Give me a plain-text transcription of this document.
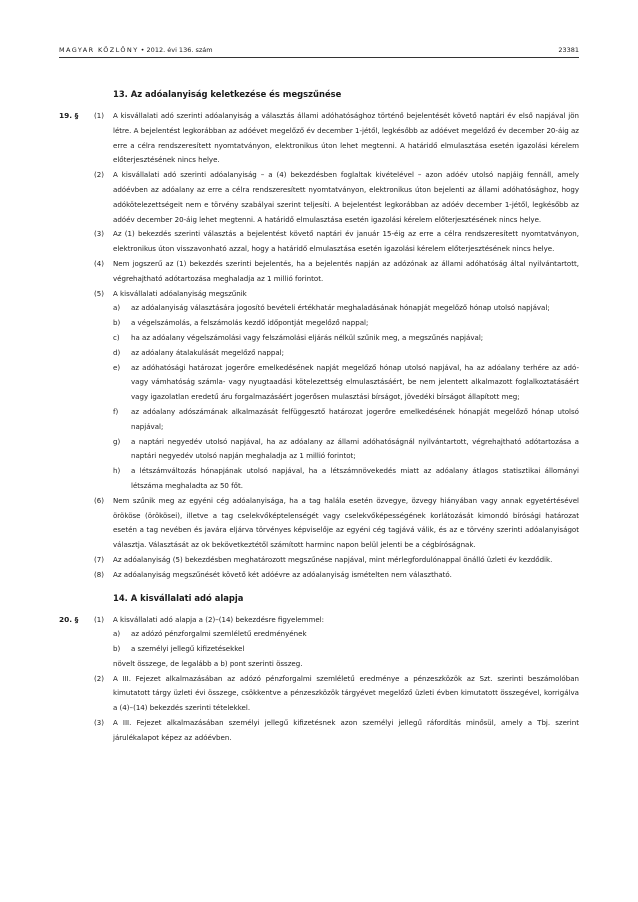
MAGYAR KÖZLÖNY • 2012. évi 136. szám	23381
13. Az adóalanyiság keletkezése és megszűnése
19. § (1) A kisvállalati adó szerinti adóalanyiság a választás állami adóhatósághoz történő bejelentését követő naptári év első napjával jön létre. A bejelentést legkorábban az adóévet megelőző év december 1-jétől, legkésőbb az adóévet megelőző év december 20-áig az erre a célra rendszeresített nyomtatványon, elektronikus úton lehet megtenni. A határidő elmulasztása esetén igazolási kérelem előterjesztésének nincs helye.
(2) A kisvállalati adó szerinti adóalanyiság – a (4) bekezdésben foglaltak kivételével – azon adóév utolsó napjáig fennáll, amely adóévben az adóalany az erre a célra rendszeresített nyomtatványon, elektronikus úton bejelenti az állami adóhatósághoz, hogy adókötelezettségeit nem e törvény szabályai szerint teljesíti. A bejelentést legkorábban az adóév december 1-jétől, legkésőbb az adóév december 20-áig lehet megtenni. A határidő elmulasztása esetén igazolási kérelem előterjesztésének nincs helye.
(3) Az (1) bekezdés szerinti választás a bejelentést követő naptári év január 15-éig az erre a célra rendszeresített nyomtatványon, elektronikus úton visszavonható azzal, hogy a határidő elmulasztása esetén igazolási kérelem előterjesztésének nincs helye.
(4) Nem jogszerű az (1) bekezdés szerinti bejelentés, ha a bejelentés napján az adózónak az állami adóhatóság által nyilvántartott, végrehajtható adótartozása meghaladja az 1 millió forintot.
(5) A kisvállalati adóalanyiság megszűnik
a) az adóalanyiság választására jogosító bevételi értékhatár meghaladásának hónapját megelőző hónap utolsó napjával;
b) a végelszámolás, a felszámolás kezdő időpontját megelőző nappal;
c) ha az adóalany végelszámolási vagy felszámolási eljárás nélkül szűnik meg, a megszűnés napjával;
d) az adóalany átalakulását megelőző nappal;
e) az adóhatósági határozat jogerőre emelkedésének napját megelőző hónap utolsó napjával, ha az adóalany terhére az adó- vagy vámhatóság számla- vagy nyugtaadási kötelezettség elmulasztásáért, be nem jelentett alkalmazott foglalkoztatásáért vagy igazolatlan eredetű áru forgalmazásáért jogerősen mulasztási bírságot, jövedéki bírságot állapított meg;
f) az adóalany adószámának alkalmazását felfüggesztő határozat jogerőre emelkedésének hónapját megelőző hónap utolsó napjával;
g) a naptári negyedév utolsó napjával, ha az adóalany az állami adóhatóságnál nyilvántartott, végrehajtható adótartozása a naptári negyedév utolsó napján meghaladja az 1 millió forintot;
h) a létszámváltozás hónapjának utolsó napjával, ha a létszámnövekedés miatt az adóalany átlagos statisztikai állományi létszáma meghaladta az 50 főt.
(6) Nem szűnik meg az egyéni cég adóalanyisága, ha a tag halála esetén özvegye, özvegy hiányában vagy annak egyetértésével örököse (örökösei), illetve a tag cselekvőképtelenségét vagy cselekvőképességének korlátozását kimondó bírósági határozat esetén a tag nevében és javára eljárva törvényes képviselője az egyéni cég tagjává válik, és az e törvény szerinti adóalanyiságot választja. Választását az ok bekövetkeztétől számított harminc napon belül jelenti be a cégbíróságnak.
(7) Az adóalanyiság (5) bekezdésben meghatározott megszűnése napjával, mint mérlegfordulónappal önálló üzleti év kezdődik.
(8) Az adóalanyiság megszűnését követő két adóévre az adóalanyiság ismételten nem választható.
14. A kisvállalati adó alapja
20. § (1) A kisvállalati adó alapja a (2)–(14) bekezdésre figyelemmel:
a) az adózó pénzforgalmi szemléletű eredményének
b) a személyi jellegű kifizetésekkel
növelt összege, de legalább a b) pont szerinti összeg.
(2) A III. Fejezet alkalmazásában az adózó pénzforgalmi szemléletű eredménye a pénzeszközök az Szt. szerinti beszámolóban kimutatott tárgy üzleti évi összege, csökkentve a pénzeszközök tárgyévet megelőző üzleti évben kimutatott összegével, korrigálva a (4)–(14) bekezdés szerinti tételekkel.
(3) A III. Fejezet alkalmazásában személyi jellegű kifizetésnek azon személyi jellegű ráfordítás minősül, amely a Tbj. szerint járulékalapot képez az adóévben.
